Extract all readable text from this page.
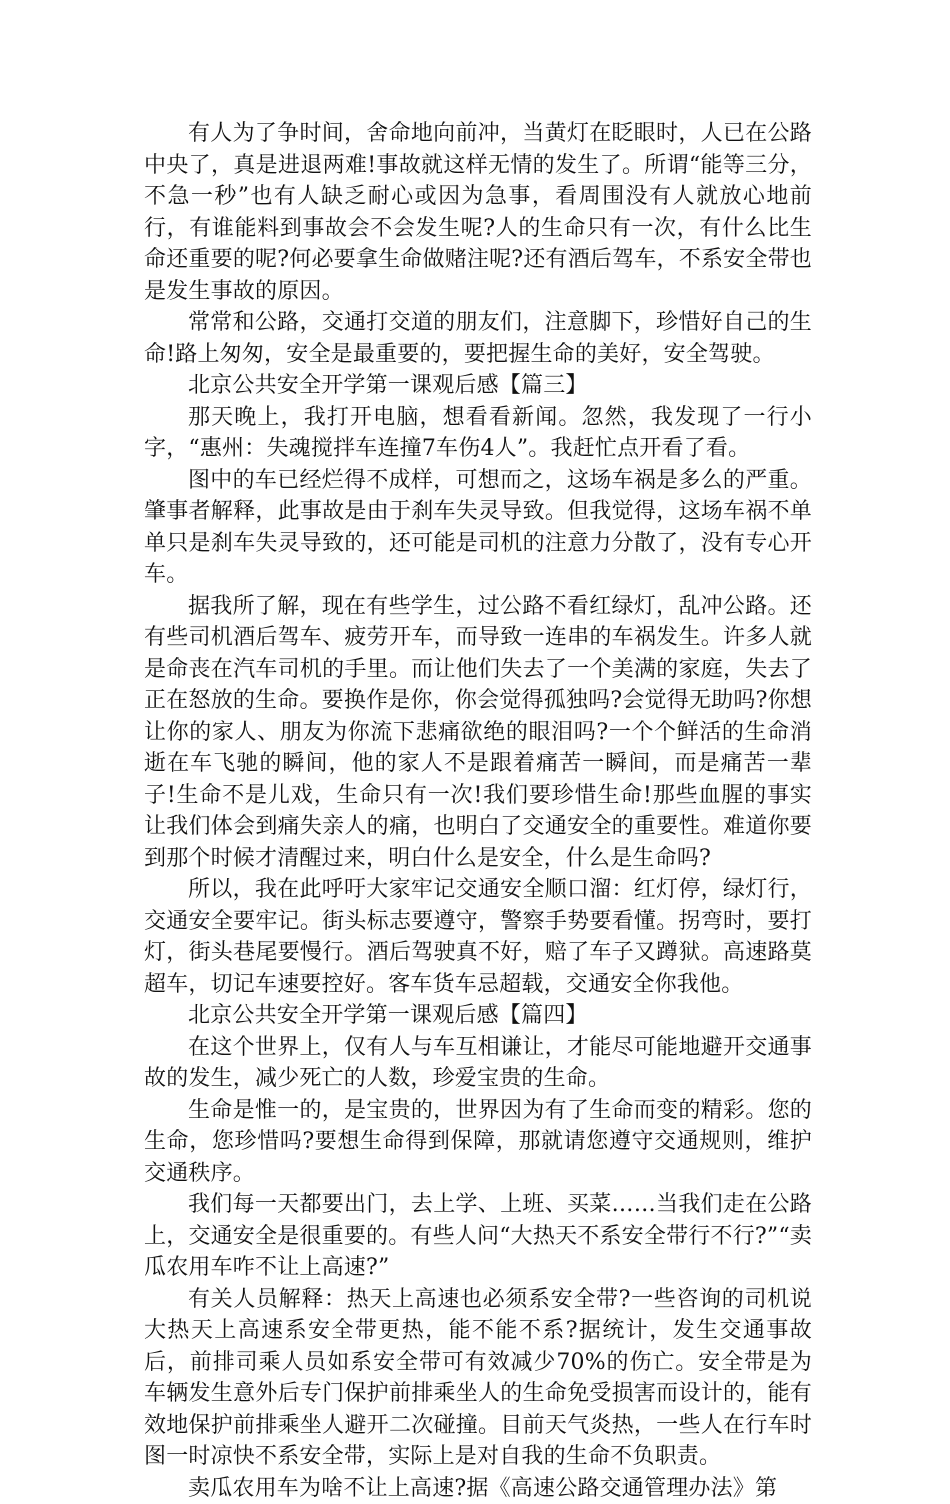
有人为了争时间，舍命地向前冲，当黄灯在眨眼时，人已在公路中央了，真是进退两难!事故就这样无情的发生了。所谓“能等三分，不急一秒”也有人缺乏耐心或因为急事，看周围没有人就放心地前行，有谁能料到事故会不会发生呢?人的生命只有一次，有什么比生命还重要的呢?何必要拿生命做赌注呢?还有酒后驾车，不系安全带也是发生事故的原因。

常常和公路，交通打交道的朋友们，注意脚下，珍惜好自己的生命!路上匆匆，安全是最重要的，要把握生命的美好，安全驾驶。

北京公共安全开学第一课观后感【篇三】

那天晚上，我打开电脑，想看看新闻。忽然，我发现了一行小字，“惠州：失魂搅拌车连撞7车伤4人”。我赶忙点开看了看。

图中的车已经烂得不成样，可想而之，这场车祸是多么的严重。肇事者解释，此事故是由于刹车失灵导致。但我觉得，这场车祸不单单只是刹车失灵导致的，还可能是司机的注意力分散了，没有专心开车。

据我所了解，现在有些学生，过公路不看红绿灯，乱冲公路。还有些司机酒后驾车、疲劳开车，而导致一连串的车祸发生。许多人就是命丧在汽车司机的手里。而让他们失去了一个美满的家庭，失去了正在怒放的生命。要换作是你，你会觉得孤独吗?会觉得无助吗?你想让你的家人、朋友为你流下悲痛欲绝的眼泪吗?一个个鲜活的生命消逝在车飞驰的瞬间，他的家人不是跟着痛苦一瞬间，而是痛苦一辈子!生命不是儿戏，生命只有一次!我们要珍惜生命!那些血腥的事实让我们体会到痛失亲人的痛，也明白了交通安全的重要性。难道你要到那个时候才清醒过来，明白什么是安全，什么是生命吗?

所以，我在此呼吁大家牢记交通安全顺口溜：红灯停，绿灯行，交通安全要牢记。街头标志要遵守，警察手势要看懂。拐弯时，要打灯，街头巷尾要慢行。酒后驾驶真不好，赔了车子又蹲狱。高速路莫超车，切记车速要控好。客车货车忌超载，交通安全你我他。

北京公共安全开学第一课观后感【篇四】

在这个世界上，仅有人与车互相谦让，才能尽可能地避开交通事故的发生，减少死亡的人数，珍爱宝贵的生命。

生命是惟一的，是宝贵的，世界因为有了生命而变的精彩。您的生命，您珍惜吗?要想生命得到保障，那就请您遵守交通规则，维护交通秩序。

我们每一天都要出门，去上学、上班、买菜……当我们走在公路上，交通安全是很重要的。有些人问“大热天不系安全带行不行?”“卖瓜农用车咋不让上高速?”

有关人员解释：热天上高速也必须系安全带?一些咨询的司机说大热天上高速系安全带更热，能不能不系?据统计，发生交通事故后，前排司乘人员如系安全带可有效减少70%的伤亡。安全带是为车辆发生意外后专门保护前排乘坐人的生命免受损害而设计的，能有效地保护前排乘坐人避开二次碰撞。目前天气炎热，一些人在行车时图一时凉快不系安全带，实际上是对自我的生命不负职责。

卖瓜农用车为啥不让上高速?据《高速公路交通管理办法》第
